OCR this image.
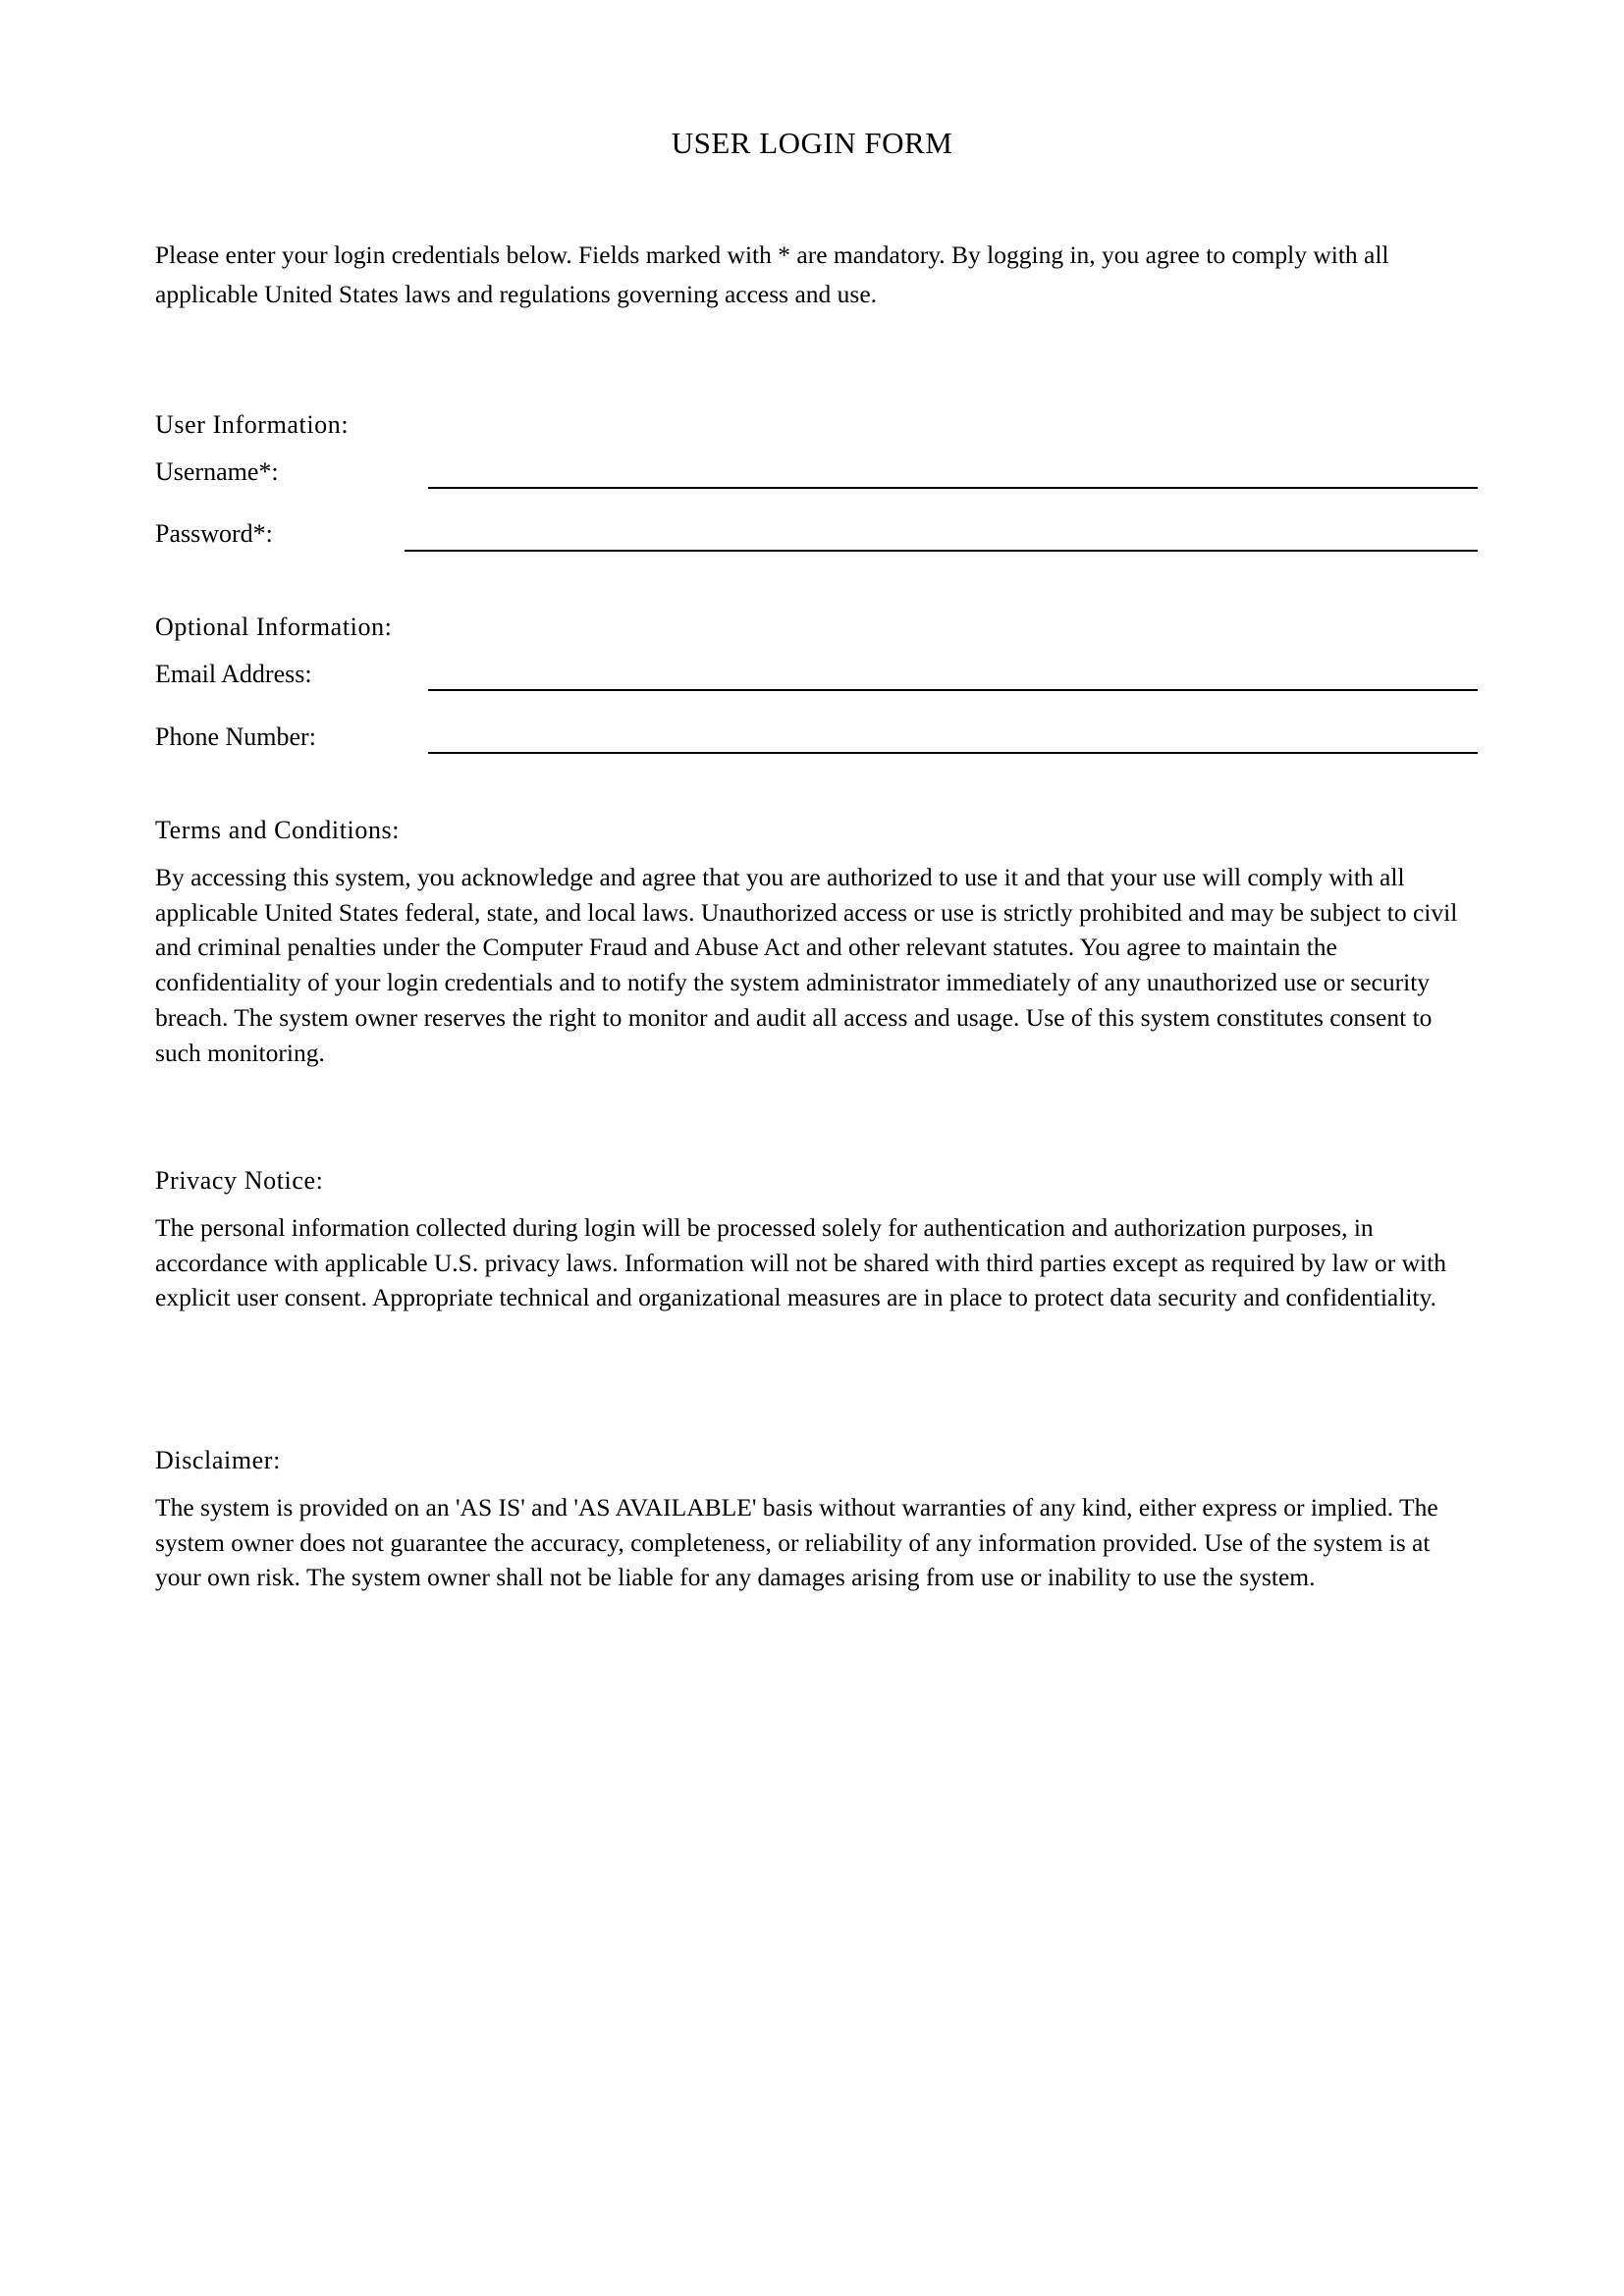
USER LOGIN FORM

Please enter your login credentials below. Fields marked with * are mandatory. By logging in, you agree to comply with all applicable United States laws and regulations governing access and use.

User Information:
Username*:
Password*:
Optional Information:
Email Address:
Phone Number:
Terms and Conditions:

By accessing this system, you acknowledge and agree that you are authorized to use it and that your use will comply with all applicable United States federal, state, and local laws. Unauthorized access or use is strictly prohibited and may be subject to civil and criminal penalties under the Computer Fraud and Abuse Act and other relevant statutes. You agree to maintain the confidentiality of your login credentials and to notify the system administrator immediately of any unauthorized use or security breach. The system owner reserves the right to monitor and audit all access and usage. Use of this system constitutes consent to such monitoring.

Privacy Notice:

The personal information collected during login will be processed solely for authentication and authorization purposes, in accordance with applicable U.S. privacy laws. Information will not be shared with third parties except as required by law or with explicit user consent. Appropriate technical and organizational measures are in place to protect data security and confidentiality.

Disclaimer:

The system is provided on an 'AS IS' and 'AS AVAILABLE' basis without warranties of any kind, either express or implied. The system owner does not guarantee the accuracy, completeness, or reliability of any information provided. Use of the system is at your own risk. The system owner shall not be liable for any damages arising from use or inability to use the system.
